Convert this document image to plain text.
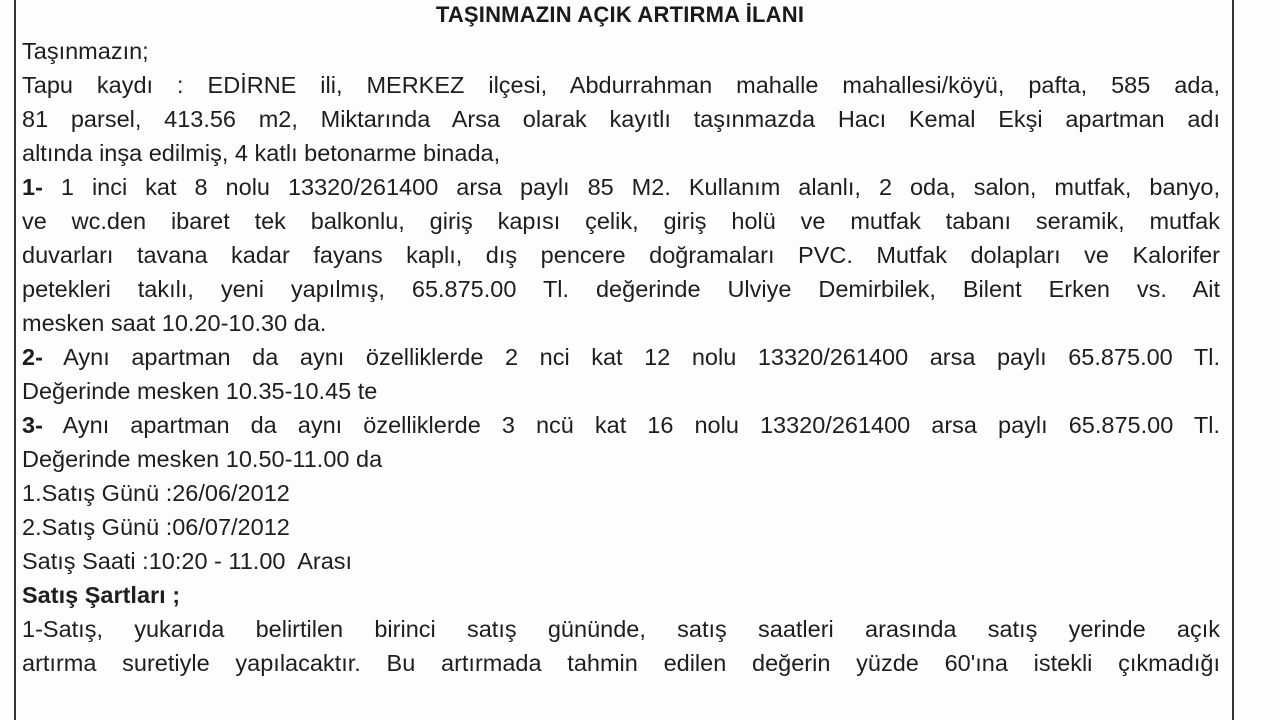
TAŞINMAZIN AÇIK ARTIRMA İLANI
Taşınmazın;
Tapu kaydı : EDİRNE ili, MERKEZ ilçesi, Abdurrahman mahalle mahallesi/köyü, pafta, 585 ada,
81 parsel, 413.56 m2, Miktarında Arsa olarak kayıtlı taşınmazda Hacı Kemal Ekşi apartman adı
altında inşa edilmiş, 4 katlı betonarme binada,
1- 1 inci kat 8 nolu 13320/261400 arsa paylı 85 M2. Kullanım alanlı, 2 oda, salon, mutfak, banyo,
ve wc.den ibaret tek balkonlu, giriş kapısı çelik, giriş holü ve mutfak tabanı seramik, mutfak
duvarları tavana kadar fayans kaplı, dış pencere doğramaları PVC. Mutfak dolapları ve Kalorifer
petekleri takılı, yeni yapılmış, 65.875.00 Tl. değerinde Ulviye Demirbilek, Bilent Erken vs. Ait
mesken saat 10.20-10.30 da.
2- Aynı apartman da aynı özelliklerde 2 nci kat 12 nolu 13320/261400 arsa paylı 65.875.00 Tl.
Değerinde mesken 10.35-10.45 te
3- Aynı apartman da aynı özelliklerde 3 ncü kat 16 nolu 13320/261400 arsa paylı 65.875.00 Tl.
Değerinde mesken 10.50-11.00 da
1.Satış Günü :26/06/2012
2.Satış Günü :06/07/2012
Satış Saati :10:20 - 11.00  Arası
Satış Şartları ;
1-Satış, yukarıda belirtilen birinci satış gününde, satış saatleri arasında satış yerinde açık
artırma suretiyle yapılacaktır. Bu artırmada tahmin edilen değerin yüzde 60'ına istekli çıkmadığı
